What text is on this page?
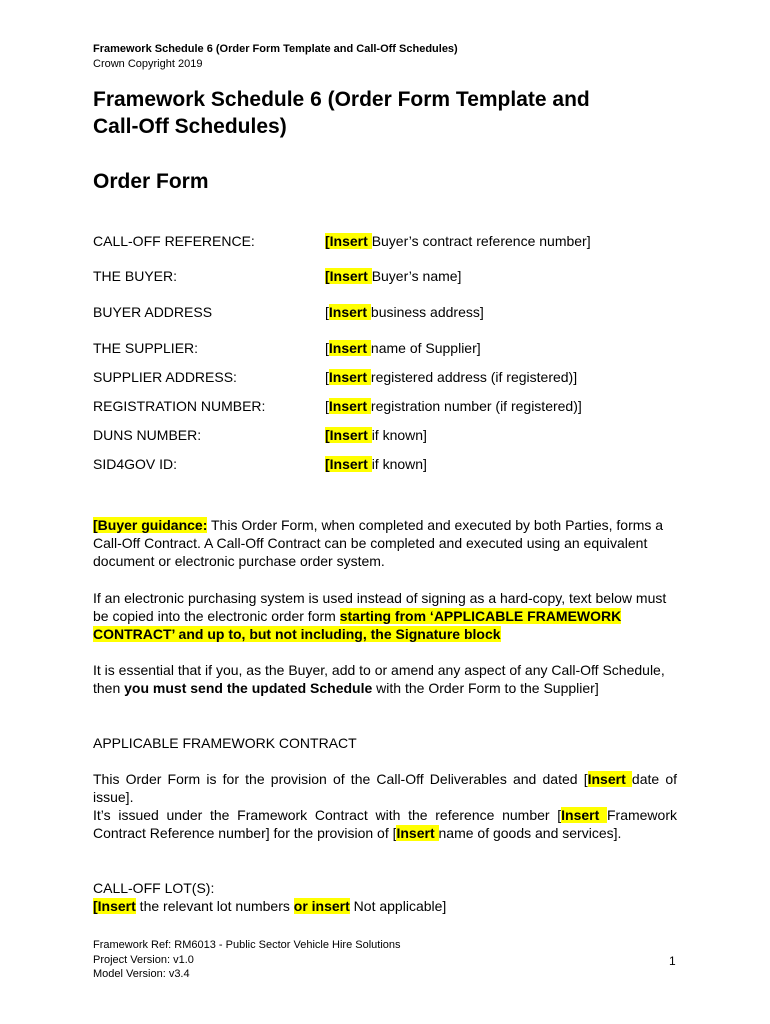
Framework Schedule 6 (Order Form Template and Call-Off Schedules)
Crown Copyright 2019
Framework Schedule 6 (Order Form Template and
Call-Off Schedules)
Order Form
CALL-OFF REFERENCE:	[Insert Buyer’s contract reference number]
THE BUYER:	[Insert Buyer’s name]
BUYER ADDRESS	[Insert business address]
THE SUPPLIER:	[Insert name of Supplier]
SUPPLIER ADDRESS:	[Insert registered address (if registered)]
REGISTRATION NUMBER:	[Insert registration number (if registered)]
DUNS NUMBER:	[Insert if known]
SID4GOV ID:	[Insert if known]
[Buyer guidance: This Order Form, when completed and executed by both Parties, forms a Call-Off Contract. A Call-Off Contract can be completed and executed using an equivalent document or electronic purchase order system.
If an electronic purchasing system is used instead of signing as a hard-copy, text below must be copied into the electronic order form starting from ‘APPLICABLE FRAMEWORK CONTRACT’ and up to, but not including, the Signature block
It is essential that if you, as the Buyer, add to or amend any aspect of any Call-Off Schedule, then you must send the updated Schedule with the Order Form to the Supplier]
APPLICABLE FRAMEWORK CONTRACT
This Order Form is for the provision of the Call-Off Deliverables and dated [Insert date of issue].
It’s issued under the Framework Contract with the reference number [Insert Framework Contract Reference number] for the provision of [Insert name of goods and services].
CALL-OFF LOT(S):
[Insert the relevant lot numbers or insert Not applicable]
Framework Ref: RM6013 - Public Sector Vehicle Hire Solutions
Project Version: v1.0
Model Version: v3.4
1
